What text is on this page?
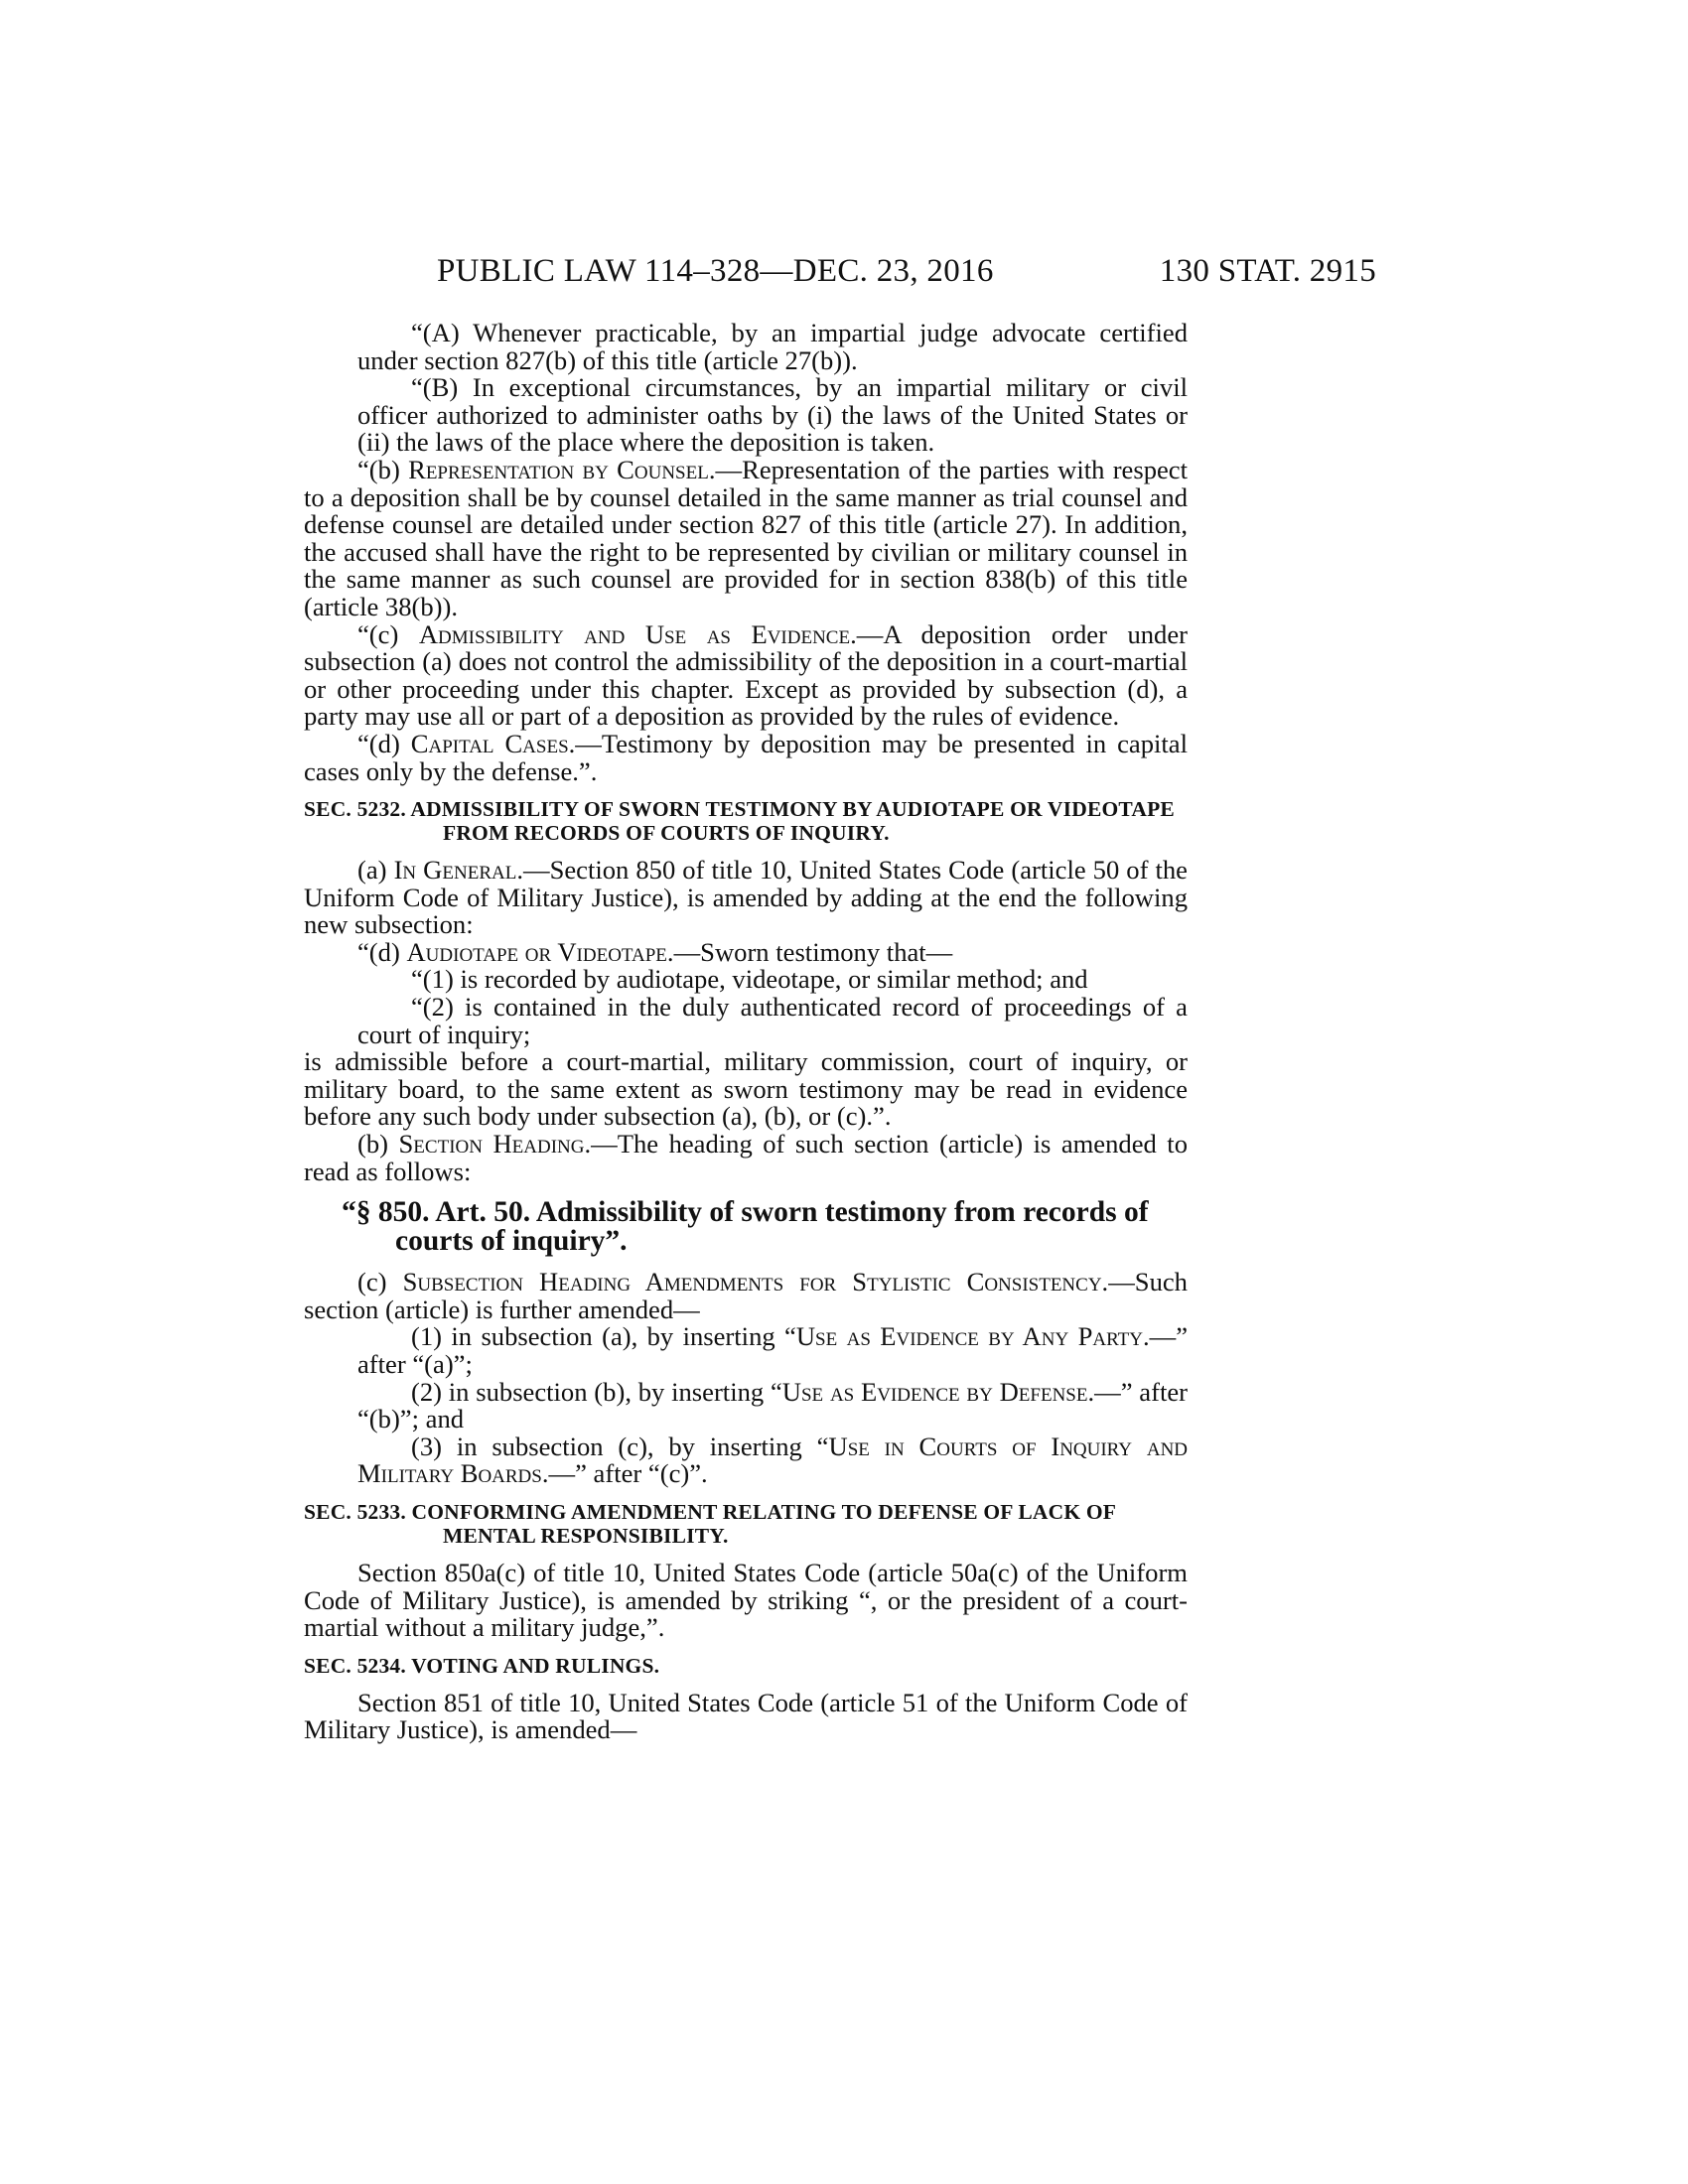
PUBLIC LAW 114–328—DEC. 23, 2016	130 STAT. 2915

“(A) Whenever practicable, by an impartial judge advocate certified under section 827(b) of this title (article 27(b)).

“(B) In exceptional circumstances, by an impartial military or civil officer authorized to administer oaths by (i) the laws of the United States or (ii) the laws of the place where the deposition is taken.

“(b) Representation by Counsel.—Representation of the parties with respect to a deposition shall be by counsel detailed in the same manner as trial counsel and defense counsel are detailed under section 827 of this title (article 27). In addition, the accused shall have the right to be represented by civilian or military counsel in the same manner as such counsel are provided for in section 838(b) of this title (article 38(b)).

“(c) Admissibility and Use as Evidence.—A deposition order under subsection (a) does not control the admissibility of the deposition in a court-martial or other proceeding under this chapter. Except as provided by subsection (d), a party may use all or part of a deposition as provided by the rules of evidence.

“(d) Capital Cases.—Testimony by deposition may be presented in capital cases only by the defense.”.

SEC. 5232. ADMISSIBILITY OF SWORN TESTIMONY BY AUDIOTAPE OR VIDEOTAPE FROM RECORDS OF COURTS OF INQUIRY.

(a) In General.—Section 850 of title 10, United States Code (article 50 of the Uniform Code of Military Justice), is amended by adding at the end the following new subsection:

“(d) Audiotape or Videotape.—Sworn testimony that—

“(1) is recorded by audiotape, videotape, or similar method; and

“(2) is contained in the duly authenticated record of proceedings of a court of inquiry;

is admissible before a court-martial, military commission, court of inquiry, or military board, to the same extent as sworn testimony may be read in evidence before any such body under subsection (a), (b), or (c).”.

(b) Section Heading.—The heading of such section (article) is amended to read as follows:

“§ 850. Art. 50. Admissibility of sworn testimony from records of courts of inquiry”.

(c) Subsection Heading Amendments for Stylistic Consistency.—Such section (article) is further amended—

(1) in subsection (a), by inserting “Use as Evidence by Any Party.—” after “(a)”;

(2) in subsection (b), by inserting “Use as Evidence by Defense.—” after “(b)”; and

(3) in subsection (c), by inserting “Use in Courts of Inquiry and Military Boards.—” after “(c)”.

SEC. 5233. CONFORMING AMENDMENT RELATING TO DEFENSE OF LACK OF MENTAL RESPONSIBILITY.

Section 850a(c) of title 10, United States Code (article 50a(c) of the Uniform Code of Military Justice), is amended by striking “, or the president of a court-martial without a military judge,”.

SEC. 5234. VOTING AND RULINGS.

Section 851 of title 10, United States Code (article 51 of the Uniform Code of Military Justice), is amended—
